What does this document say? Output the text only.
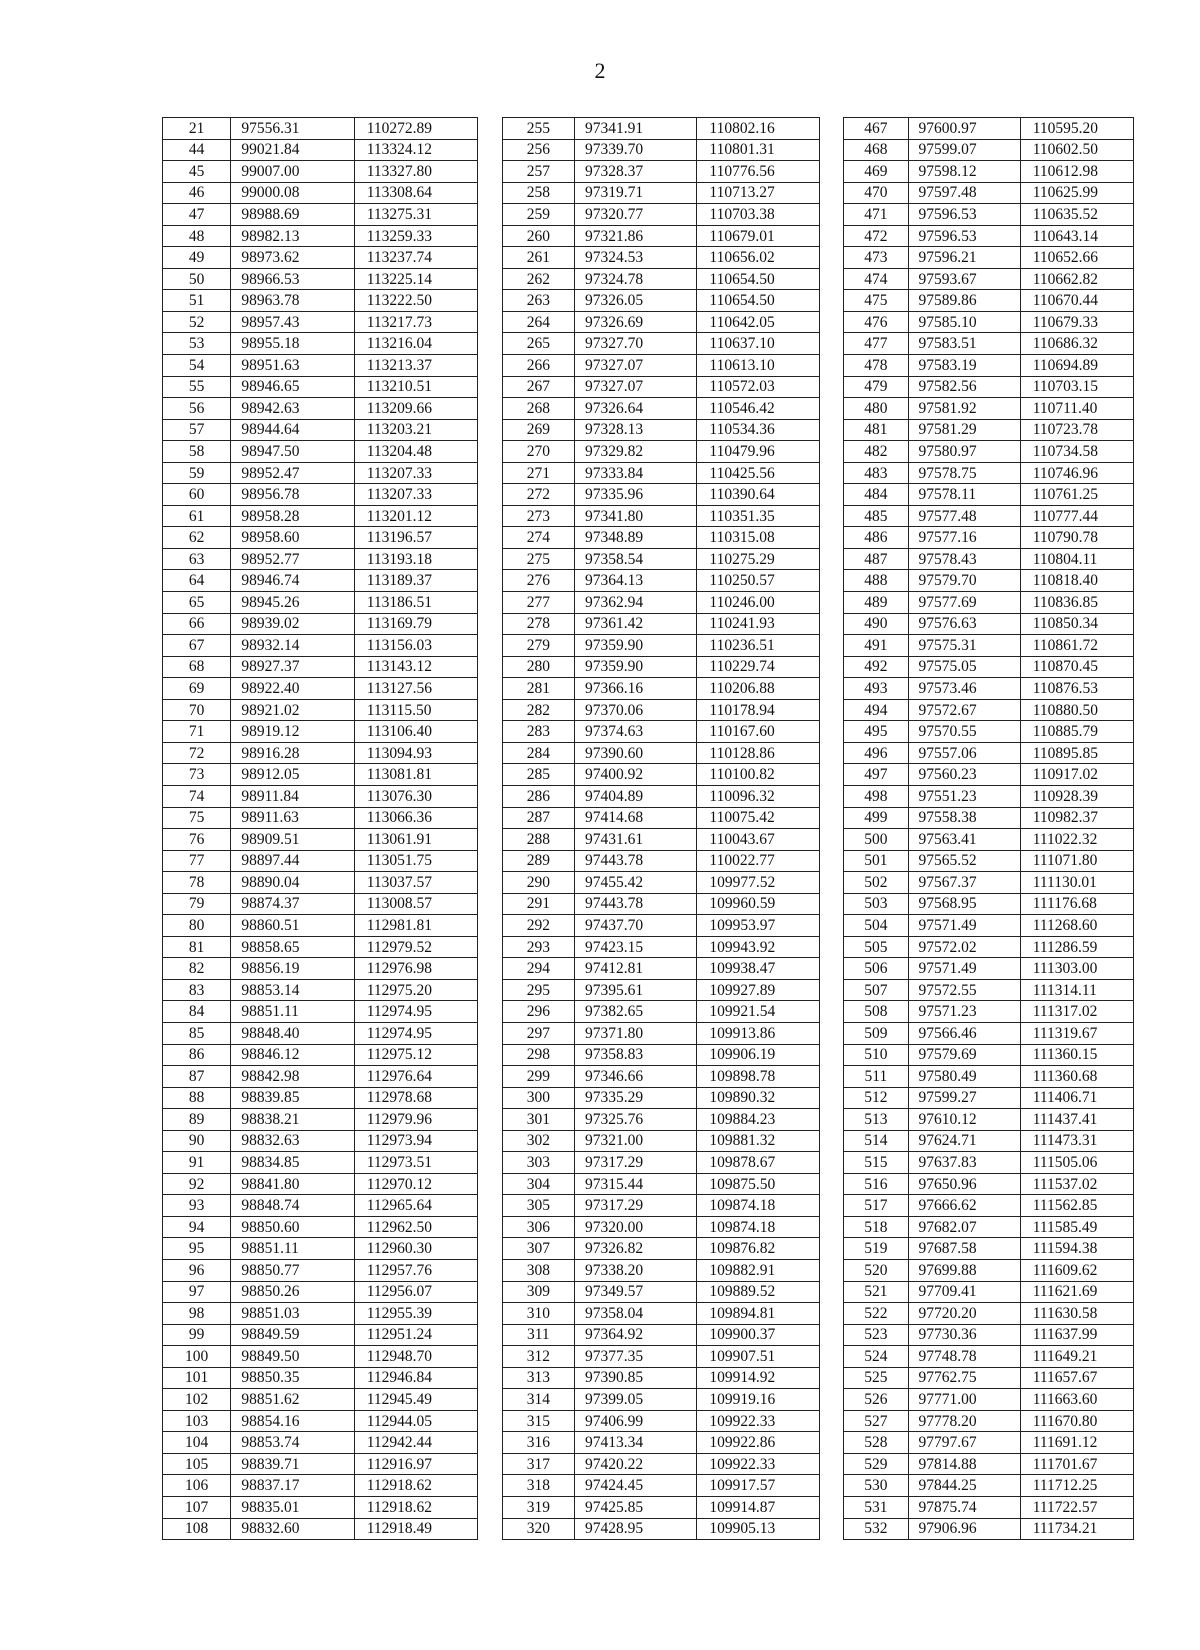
2
21	97556.31	110272.89		255	97341.91	110802.16		467	97600.97	110595.20
44	99021.84	113324.12		256	97339.70	110801.31		468	97599.07	110602.50
45	99007.00	113327.80		257	97328.37	110776.56		469	97598.12	110612.98
46	99000.08	113308.64		258	97319.71	110713.27		470	97597.48	110625.99
47	98988.69	113275.31		259	97320.77	110703.38		471	97596.53	110635.52
48	98982.13	113259.33		260	97321.86	110679.01		472	97596.53	110643.14
49	98973.62	113237.74		261	97324.53	110656.02		473	97596.21	110652.66
50	98966.53	113225.14		262	97324.78	110654.50		474	97593.67	110662.82
51	98963.78	113222.50		263	97326.05	110654.50		475	97589.86	110670.44
52	98957.43	113217.73		264	97326.69	110642.05		476	97585.10	110679.33
53	98955.18	113216.04		265	97327.70	110637.10		477	97583.51	110686.32
54	98951.63	113213.37		266	97327.07	110613.10		478	97583.19	110694.89
55	98946.65	113210.51		267	97327.07	110572.03		479	97582.56	110703.15
56	98942.63	113209.66		268	97326.64	110546.42		480	97581.92	110711.40
57	98944.64	113203.21		269	97328.13	110534.36		481	97581.29	110723.78
58	98947.50	113204.48		270	97329.82	110479.96		482	97580.97	110734.58
59	98952.47	113207.33		271	97333.84	110425.56		483	97578.75	110746.96
60	98956.78	113207.33		272	97335.96	110390.64		484	97578.11	110761.25
61	98958.28	113201.12		273	97341.80	110351.35		485	97577.48	110777.44
62	98958.60	113196.57		274	97348.89	110315.08		486	97577.16	110790.78
63	98952.77	113193.18		275	97358.54	110275.29		487	97578.43	110804.11
64	98946.74	113189.37		276	97364.13	110250.57		488	97579.70	110818.40
65	98945.26	113186.51		277	97362.94	110246.00		489	97577.69	110836.85
66	98939.02	113169.79		278	97361.42	110241.93		490	97576.63	110850.34
67	98932.14	113156.03		279	97359.90	110236.51		491	97575.31	110861.72
68	98927.37	113143.12		280	97359.90	110229.74		492	97575.05	110870.45
69	98922.40	113127.56		281	97366.16	110206.88		493	97573.46	110876.53
70	98921.02	113115.50		282	97370.06	110178.94		494	97572.67	110880.50
71	98919.12	113106.40		283	97374.63	110167.60		495	97570.55	110885.79
72	98916.28	113094.93		284	97390.60	110128.86		496	97557.06	110895.85
73	98912.05	113081.81		285	97400.92	110100.82		497	97560.23	110917.02
74	98911.84	113076.30		286	97404.89	110096.32		498	97551.23	110928.39
75	98911.63	113066.36		287	97414.68	110075.42		499	97558.38	110982.37
76	98909.51	113061.91		288	97431.61	110043.67		500	97563.41	111022.32
77	98897.44	113051.75		289	97443.78	110022.77		501	97565.52	111071.80
78	98890.04	113037.57		290	97455.42	109977.52		502	97567.37	111130.01
79	98874.37	113008.57		291	97443.78	109960.59		503	97568.95	111176.68
80	98860.51	112981.81		292	97437.70	109953.97		504	97571.49	111268.60
81	98858.65	112979.52		293	97423.15	109943.92		505	97572.02	111286.59
82	98856.19	112976.98		294	97412.81	109938.47		506	97571.49	111303.00
83	98853.14	112975.20		295	97395.61	109927.89		507	97572.55	111314.11
84	98851.11	112974.95		296	97382.65	109921.54		508	97571.23	111317.02
85	98848.40	112974.95		297	97371.80	109913.86		509	97566.46	111319.67
86	98846.12	112975.12		298	97358.83	109906.19		510	97579.69	111360.15
87	98842.98	112976.64		299	97346.66	109898.78		511	97580.49	111360.68
88	98839.85	112978.68		300	97335.29	109890.32		512	97599.27	111406.71
89	98838.21	112979.96		301	97325.76	109884.23		513	97610.12	111437.41
90	98832.63	112973.94		302	97321.00	109881.32		514	97624.71	111473.31
91	98834.85	112973.51		303	97317.29	109878.67		515	97637.83	111505.06
92	98841.80	112970.12		304	97315.44	109875.50		516	97650.96	111537.02
93	98848.74	112965.64		305	97317.29	109874.18		517	97666.62	111562.85
94	98850.60	112962.50		306	97320.00	109874.18		518	97682.07	111585.49
95	98851.11	112960.30		307	97326.82	109876.82		519	97687.58	111594.38
96	98850.77	112957.76		308	97338.20	109882.91		520	97699.88	111609.62
97	98850.26	112956.07		309	97349.57	109889.52		521	97709.41	111621.69
98	98851.03	112955.39		310	97358.04	109894.81		522	97720.20	111630.58
99	98849.59	112951.24		311	97364.92	109900.37		523	97730.36	111637.99
100	98849.50	112948.70		312	97377.35	109907.51		524	97748.78	111649.21
101	98850.35	112946.84		313	97390.85	109914.92		525	97762.75	111657.67
102	98851.62	112945.49		314	97399.05	109919.16		526	97771.00	111663.60
103	98854.16	112944.05		315	97406.99	109922.33		527	97778.20	111670.80
104	98853.74	112942.44		316	97413.34	109922.86		528	97797.67	111691.12
105	98839.71	112916.97		317	97420.22	109922.33		529	97814.88	111701.67
106	98837.17	112918.62		318	97424.45	109917.57		530	97844.25	111712.25
107	98835.01	112918.62		319	97425.85	109914.87		531	97875.74	111722.57
108	98832.60	112918.49		320	97428.95	109905.13		532	97906.96	111734.21
